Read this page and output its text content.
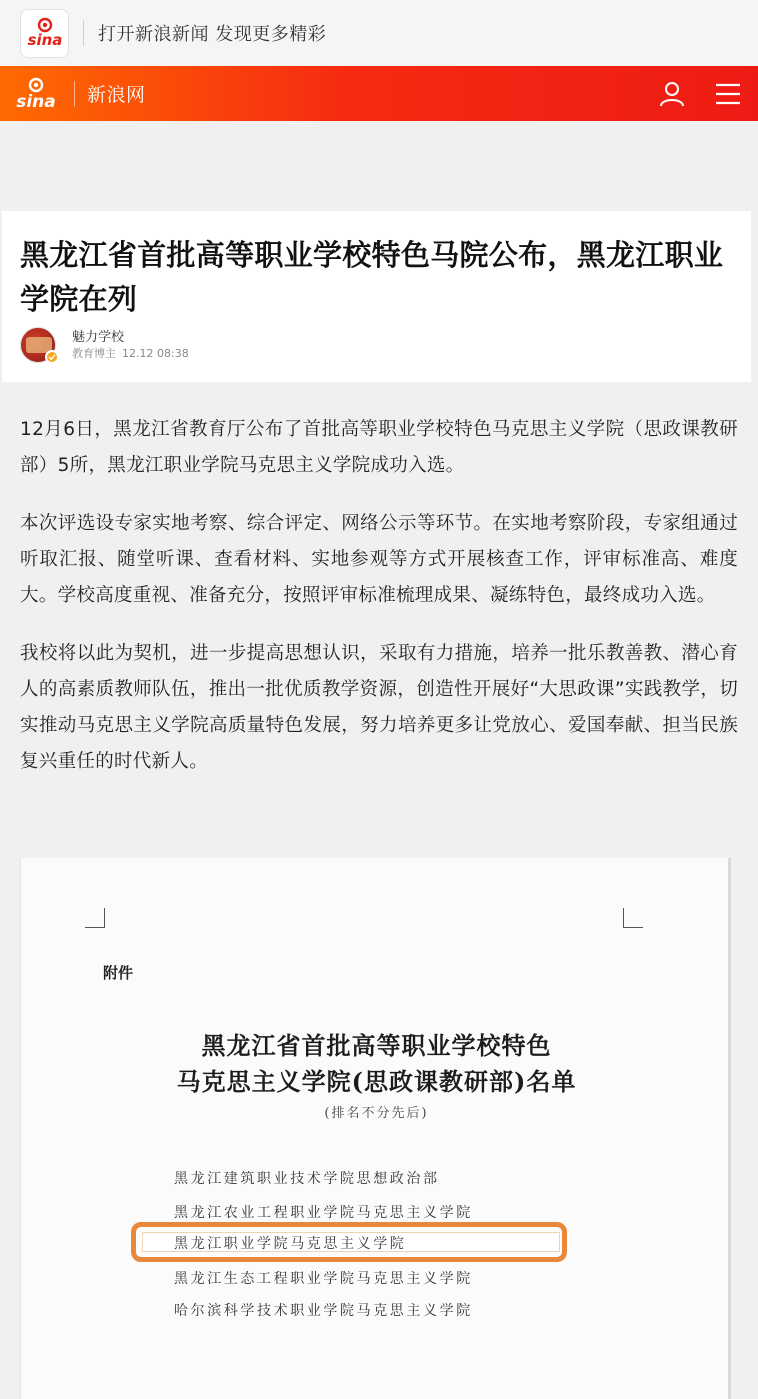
sina 打开新浪新闻 发现更多精彩
sina 新浪网
黑龙江省首批高等职业学校特色马院公布，黑龙江职业学院在列
魅力学校
教育博主 12.12 08:38

12月6日，黑龙江省教育厅公布了首批高等职业学校特色马克思主义学院（思政课教研部）5所，黑龙江职业学院马克思主义学院成功入选。

本次评选设专家实地考察、综合评定、网络公示等环节。在实地考察阶段，专家组通过听取汇报、随堂听课、查看材料、实地参观等方式开展核查工作，评审标准高、难度大。学校高度重视、准备充分，按照评审标准梳理成果、凝练特色，最终成功入选。

我校将以此为契机，进一步提高思想认识，采取有力措施，培养一批乐教善教、潜心育人的高素质教师队伍，推出一批优质教学资源，创造性开展好“大思政课”实践教学，切实推动马克思主义学院高质量特色发展，努力培养更多让党放心、爱国奉献、担当民族复兴重任的时代新人。

附件
黑龙江省首批高等职业学校特色
马克思主义学院(思政课教研部)名单
(排名不分先后)
黑龙江建筑职业技术学院思想政治部
黑龙江农业工程职业学院马克思主义学院
黑龙江职业学院马克思主义学院
黑龙江生态工程职业学院马克思主义学院
哈尔滨科学技术职业学院马克思主义学院
